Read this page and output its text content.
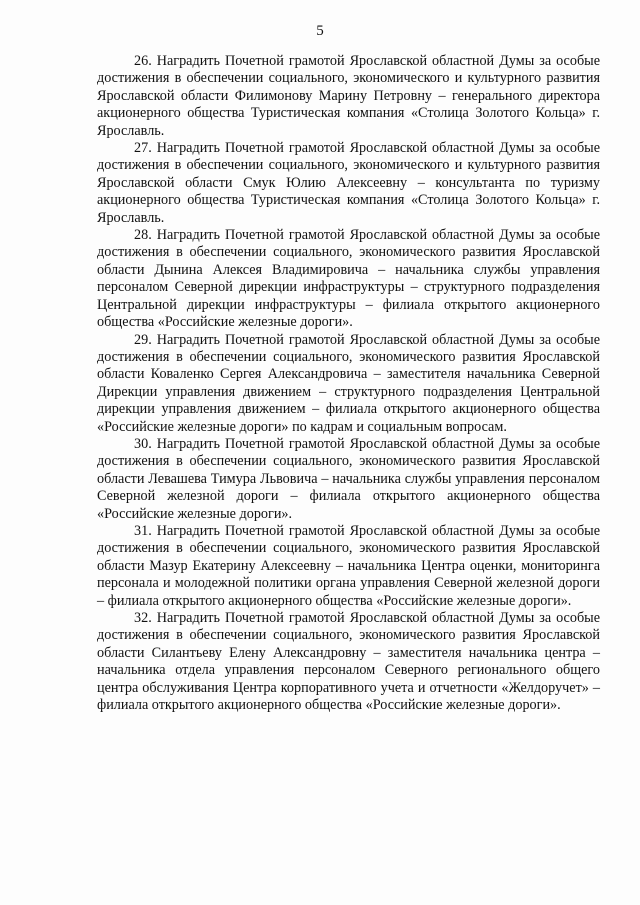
5

26. Наградить Почетной грамотой Ярославской областной Думы за особые достижения в обеспечении социального, экономического и культурного развития Ярославской области Филимонову Марину Петровну – генерального директора акционерного общества Туристическая компания «Столица Золотого Кольца» г. Ярославль.

27. Наградить Почетной грамотой Ярославской областной Думы за особые достижения в обеспечении социального, экономического и культурного развития Ярославской области Смук Юлию Алексеевну – консультанта по туризму акционерного общества Туристическая компания «Столица Золотого Кольца» г. Ярославль.

28. Наградить Почетной грамотой Ярославской областной Думы за особые достижения в обеспечении социального, экономического развития Ярославской области Дынина Алексея Владимировича – начальника службы управления персоналом Северной дирекции инфраструктуры – структурного подразделения Центральной дирекции инфраструктуры – филиала открытого акционерного общества «Российские железные дороги».

29. Наградить Почетной грамотой Ярославской областной Думы за особые достижения в обеспечении социального, экономического развития Ярославской области Коваленко Сергея Александровича – заместителя начальника Северной Дирекции управления движением – структурного подразделения Центральной дирекции управления движением – филиала открытого акционерного общества «Российские железные дороги» по кадрам и социальным вопросам.

30. Наградить Почетной грамотой Ярославской областной Думы за особые достижения в обеспечении социального, экономического развития Ярославской области Левашева Тимура Львовича – начальника службы управления персоналом Северной железной дороги – филиала открытого акционерного общества «Российские железные дороги».

31. Наградить Почетной грамотой Ярославской областной Думы за особые достижения в обеспечении социального, экономического развития Ярославской области Мазур Екатерину Алексеевну – начальника Центра оценки, мониторинга персонала и молодежной политики органа управления Северной железной дороги – филиала открытого акционерного общества «Российские железные дороги».

32. Наградить Почетной грамотой Ярославской областной Думы за особые достижения в обеспечении социального, экономического развития Ярославской области Силантьеву Елену Александровну – заместителя начальника центра – начальника отдела управления персоналом Северного регионального общего центра обслуживания Центра корпоративного учета и отчетности «Желдоручет» – филиала открытого акционерного общества «Российские железные дороги».
